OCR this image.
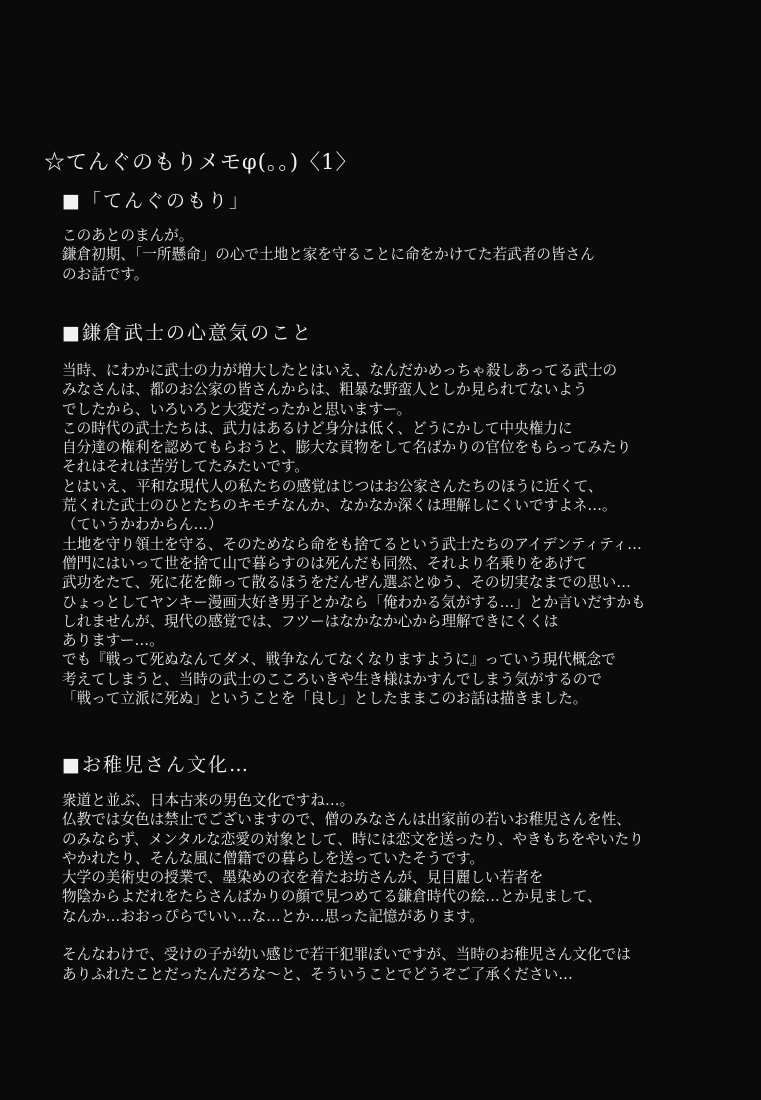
☆てんぐのもりメモφ(。。)〈1〉
■「てんぐのもり」
このあとのまんが。
鎌倉初期、「一所懸命」の心で土地と家を守ることに命をかけてた若武者の皆さん
のお話です。
■鎌倉武士の心意気のこと
当時、にわかに武士の力が増大したとはいえ、なんだかめっちゃ殺しあってる武士の
みなさんは、都のお公家の皆さんからは、粗暴な野蛮人としか見られてないよう
でしたから、いろいろと大変だったかと思いますー。
この時代の武士たちは、武力はあるけど身分は低く、どうにかして中央権力に
自分達の権利を認めてもらおうと、膨大な貢物をして名ばかりの官位をもらってみたり
それはそれは苦労してたみたいです。
とはいえ、平和な現代人の私たちの感覚はじつはお公家さんたちのほうに近くて、
荒くれた武士のひとたちのキモチなんか、なかなか深くは理解しにくいですよネ…。
（ていうかわからん…）
土地を守り領土を守る、そのためなら命をも捨てるという武士たちのアイデンティティ…
僧門にはいって世を捨て山で暮らすのは死んだも同然、それより名乗りをあげて
武功をたて、死に花を飾って散るほうをだんぜん選ぶとゆう、その切実なまでの思い…
ひょっとしてヤンキー漫画大好き男子とかなら「俺わかる気がする…」とか言いだすかも
しれませんが、現代の感覚では、フツーはなかなか心から理解できにくくは
ありますー…。
でも『戦って死ぬなんてダメ、戦争なんてなくなりますように』っていう現代概念で
考えてしまうと、当時の武士のこころいきや生き様はかすんでしまう気がするので
「戦って立派に死ぬ」ということを「良し」としたままこのお話は描きました。
■お稚児さん文化…
衆道と並ぶ、日本古来の男色文化ですね…。
仏教では女色は禁止でございますので、僧のみなさんは出家前の若いお稚児さんを性、
のみならず、メンタルな恋愛の対象として、時には恋文を送ったり、やきもちをやいたり
やかれたり、そんな風に僧籍での暮らしを送っていたそうです。
大学の美術史の授業で、墨染めの衣を着たお坊さんが、見目麗しい若者を
物陰からよだれをたらさんばかりの顔で見つめてる鎌倉時代の絵…とか見まして、
なんか…おおっぴらでいい…な…とか…思った記憶があります。
そんなわけで、受けの子が幼い感じで若干犯罪ぽいですが、当時のお稚児さん文化では
ありふれたことだったんだろな〜と、そういうことでどうぞご了承ください…
